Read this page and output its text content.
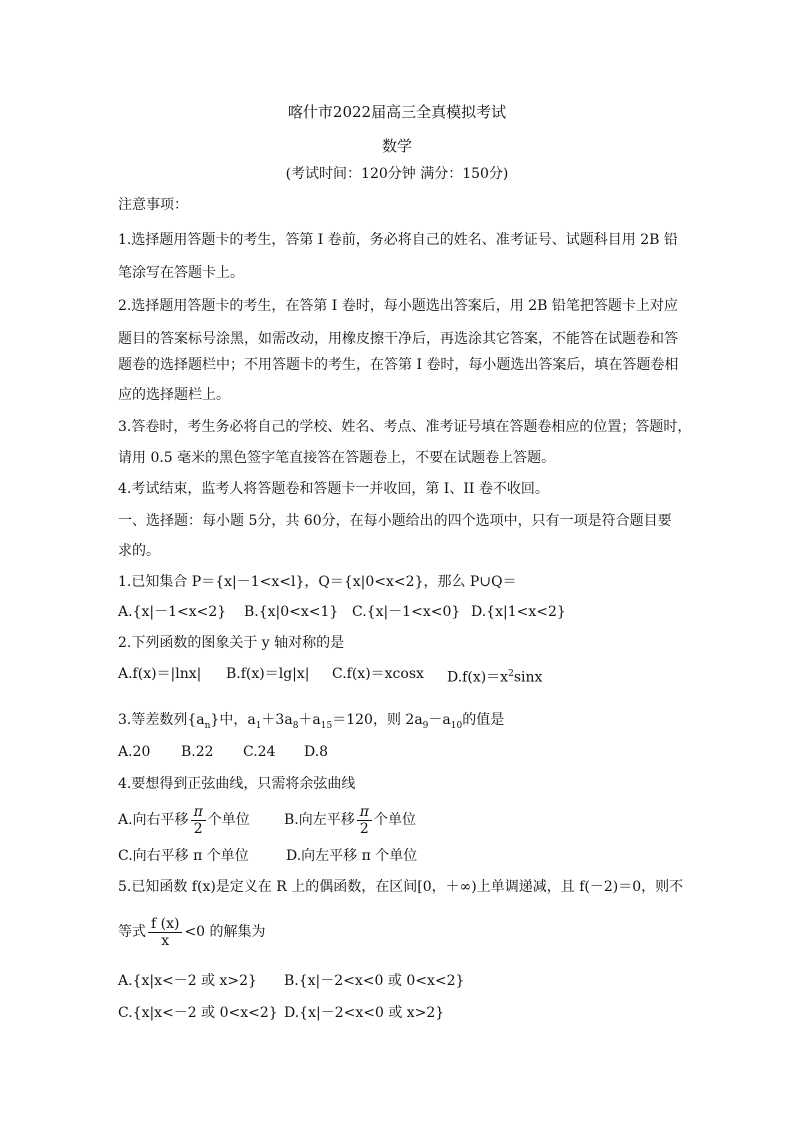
喀什市2022届高三全真模拟考试
数学
(考试时间：120分钟 满分：150分)
注意事项：
1.选择题用答题卡的考生，答第 I 卷前，务必将自己的姓名、准考证号、试题科目用 2B 铅
笔涂写在答题卡上。
2.选择题用答题卡的考生，在答第 I 卷时，每小题选出答案后，用 2B 铅笔把答题卡上对应
题目的答案标号涂黑，如需改动，用橡皮擦干净后，再选涂其它答案，不能答在试题卷和答
题卷的选择题栏中；不用答题卡的考生，在答第 I 卷时，每小题选出答案后，填在答题卷相
应的选择题栏上。
3.答卷时，考生务必将自己的学校、姓名、考点、准考证号填在答题卷相应的位置；答题时，
请用 0.5 毫米的黑色签字笔直接答在答题卷上，不要在试题卷上答题。
4.考试结束，监考人将答题卷和答题卡一并收回，第 I、II 卷不收回。
一、选择题：每小题 5分，共 60分，在每小题给出的四个选项中，只有一项是符合题目要
求的。
1.已知集合 P＝{x|－1<x<l}，Q＝{x|0<x<2}，那么 P∪Q＝
A.{x|－1<x<2} B.{x|0<x<1} C.{x|－1<x<0} D.{x|1<x<2}
2.下列函数的图象关于 y 轴对称的是
A.f(x)＝|lnx| B.f(x)＝lg|x| C.f(x)＝xcosx $D.f(x)=x^2\sin x$
3.等差数列$\{a_n\}$中，$a_1+3a_8+a_{15}=120$，则 $2a_9-a_{10}$的值是
A.20 B.22 C.24 D.8
4.要想得到正弦曲线，只需将余弦曲线
A.向右平移 $\frac{\pi}{2}$ 个单位 B.向左平移 $\frac{\pi}{2}$ 个单位
C.向右平移 π 个单位	D.向左平移 π 个单位
5.已知函数 f(x)是定义在 R 上的偶函数，在区间[0，＋∞)上单调递减，且 f(－2)＝0，则不
等式 $\frac{f (x)}{x} <0$ 的解集为
A.{x|x<－2 或 x>2} B.{x|－2<x<0 或 0<x<2}
C.{x|x<－2 或 0<x<2} D.{x|－2<x<0 或 x>2}
